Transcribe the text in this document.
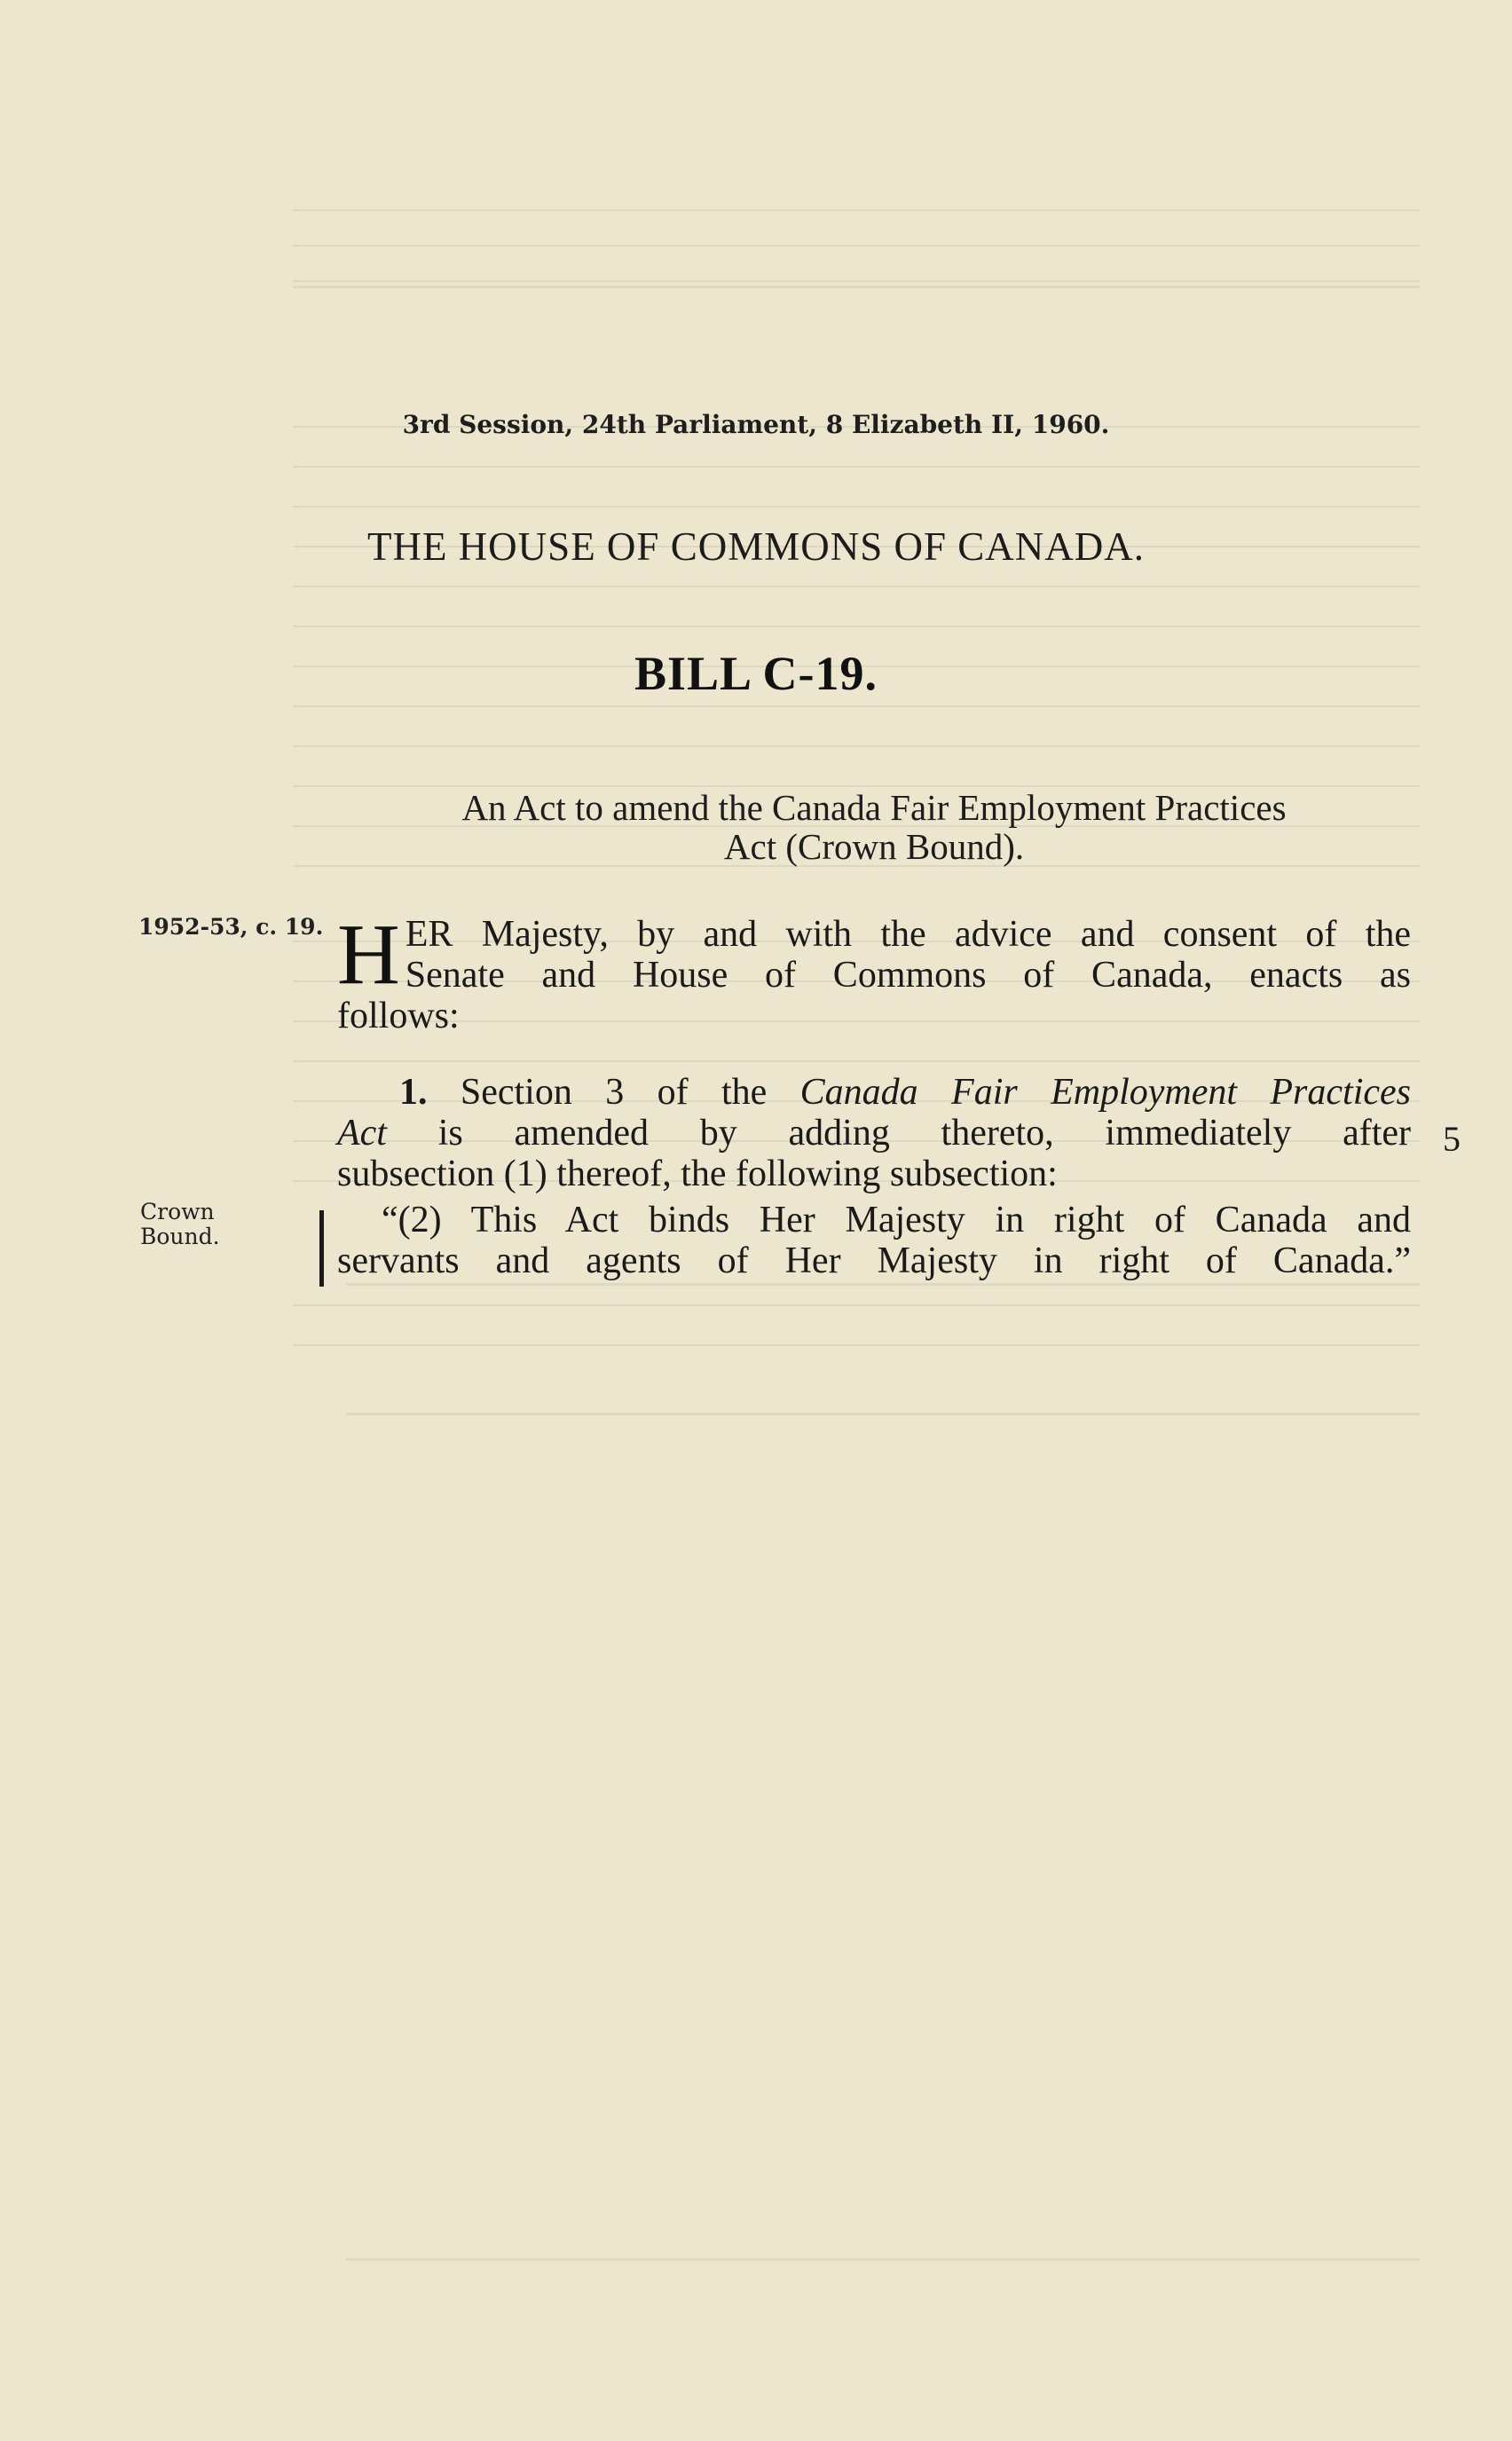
3rd Session, 24th Parliament, 8 Elizabeth II, 1960.
THE HOUSE OF COMMONS OF CANADA.
BILL C-19.
An Act to amend the Canada Fair Employment Practices
Act (Crown Bound).
1952-53, c. 19.
Crown
Bound.
H ER Majesty, by and with the advice and consent of the
Senate and House of Commons of Canada, enacts as
follows:
1. Section 3 of the Canada Fair Employment Practices
Act is amended by adding thereto, immediately after
subsection (1) thereof, the following subsection:
“(2) This Act binds Her Majesty in right of Canada and
servants and agents of Her Majesty in right of Canada.”
5
